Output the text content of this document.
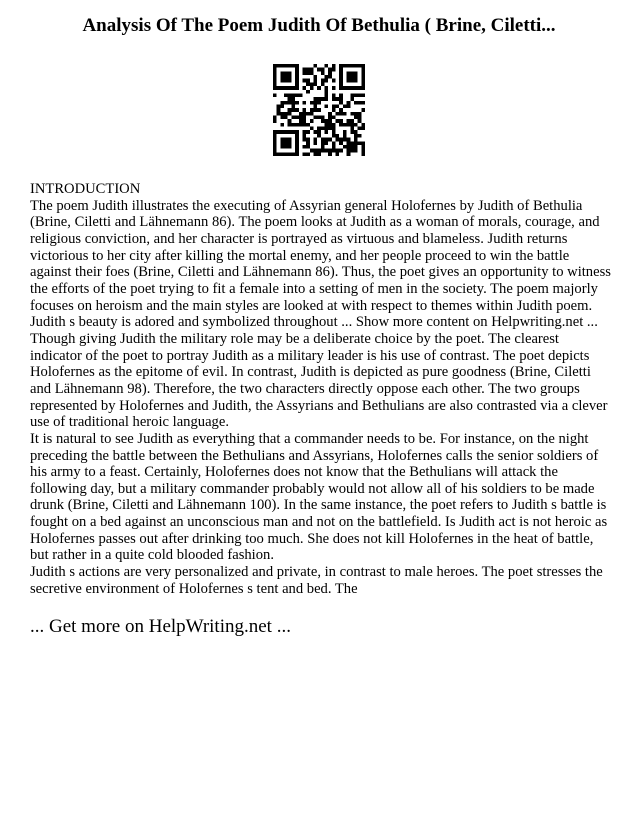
Analysis Of The Poem Judith Of Bethulia ( Brine, Ciletti...

INTRODUCTION

The poem Judith illustrates the executing of Assyrian general Holofernes by Judith of Bethulia (Brine, Ciletti and Lähnemann 86). The poem looks at Judith as a woman of morals, courage, and religious conviction, and her character is portrayed as virtuous and blameless. Judith returns victorious to her city after killing the mortal enemy, and her people proceed to win the battle against their foes (Brine, Ciletti and Lähnemann 86). Thus, the poet gives an opportunity to witness the efforts of the poet trying to fit a female into a setting of men in the society. The poem majorly focuses on heroism and the main styles are looked at with respect to themes within Judith poem. Judith s beauty is adored and symbolized throughout ... Show more content on Helpwriting.net ...

Though giving Judith the military role may be a deliberate choice by the poet. The clearest indicator of the poet to portray Judith as a military leader is his use of contrast. The poet depicts Holofernes as the epitome of evil. In contrast, Judith is depicted as pure goodness (Brine, Ciletti and Lähnemann 98). Therefore, the two characters directly oppose each other. The two groups represented by Holofernes and Judith, the Assyrians and Bethulians are also contrasted via a clever use of traditional heroic language.

It is natural to see Judith as everything that a commander needs to be. For instance, on the night preceding the battle between the Bethulians and Assyrians, Holofernes calls the senior soldiers of his army to a feast. Certainly, Holofernes does not know that the Bethulians will attack the following day, but a military commander probably would not allow all of his soldiers to be made drunk (Brine, Ciletti and Lähnemann 100). In the same instance, the poet refers to Judith s battle is fought on a bed against an unconscious man and not on the battlefield. Is Judith act is not heroic as Holofernes passes out after drinking too much. She does not kill Holofernes in the heat of battle, but rather in a quite cold blooded fashion.

Judith s actions are very personalized and private, in contrast to male heroes. The poet stresses the secretive environment of Holofernes s tent and bed. The

... Get more on HelpWriting.net ...
